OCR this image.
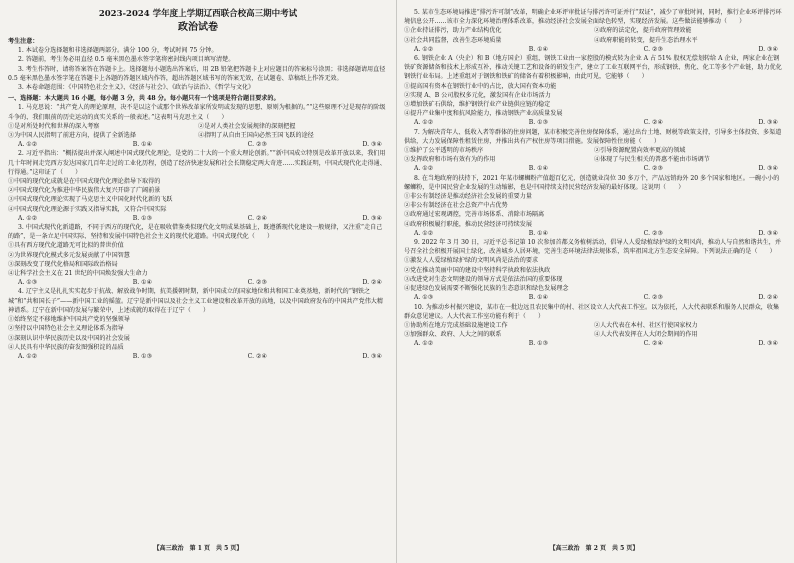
2023-2024 学年度上学期辽西联合校高三期中考试
政治试卷
考生注意：
1. 本试卷分选择题和非选择题两部分。满分 100 分，考试时间 75 分钟。
2. 答题前，考生务必用直径 0.5 毫米黑色墨水签字笔将密封线内项目填写清楚。
3. 考生作答时，请将答案答在答题卡上。选择题每小题选出答案后，用 2B 铅笔把答题卡上对应题目的答案标号涂黑；非选择题请用直径 0.5 毫米黑色墨水签字笔在答题卡上各题的答题区域内作答，超出答题区域书写的答案无效，在试题卷、草稿纸上作答无效。
3. 本卷命题范围：《中国特色社会主义》、《经济与社会》、《政治与法治》、《哲学与文化》
一、选择题：本大题共 16 小题，每小题 3 分，共 48 分。每小题只有一个选项是符合题目要求的。
1. 马克思说：“共产党人的理论原理，决不是以这个或那个世界改革家所发明或发现的思想、原则为根据的。”“这些原理不过是现存的阶级斗争的、我们眼前的历史运动的真实关系的一般表述。”这表明马克思主义（　　）
①是对所处时代和世界的深入考察	②是对人类社会发展规律的深刻把握
③为中国人民指明了前进方向，提供了全新选择	④指明了从自由王国向必然王国飞跃的途径
A. ①②	B. ①④	C. ②③	D. ③④
2. 习近平指出：“概括提出并深入阐述中国式现代化理论，是党的二十大的一个重大理论创新。”“新中国成立特别是改革开放以来，我们用几十年时间走完西方发达国家几百年走过的工业化历程，创造了经济快速发展和社会长期稳定两大奇迹……实践证明，中国式现代化走得通、行得通。”这印证了（　　）
①中国的现代化成就是在中国式现代化理论指导下取得的
②中国式现代化为推进中华民族伟大复兴开辟了广阔前景
③中国式现代化理论实现了马克思主义中国化时代化新的飞跃
④中国式现代化理论源于实践又指导实践，又符合中国实际
A. ①②	B. ①③	C. ②④	D. ③④
3. 中国式现代化新道路，不同于西方的现代化，是在吸收借鉴类似现代化文明成果基础上，既遵循现代化建设一般规律，又注重“走自己的路”，是一条立足中国实际、坚持和发展中国特色社会主义的现代化道路。中国式现代化（　　）
①具有西方现代化道路无可比拟的普世价值
②为世界现代化模式多元发展贡献了中国智慧
③深刻改变了现代化格局和国际政治格局
④让科学社会主义在 21 世纪的中国焕发强大生命力
A. ①③	B. ①④	C. ②③	D. ②④
4. 辽宁主义是扎扎实实起步于抗战、解放战争时期，抗美援朝时期，新中国成立的国家地位和共和国工业奠基地，新时代的“钢铁之城”和“共和国长子”——新中国工业的摇篮。辽宁是新中国以及社会主义工业建设和改革开放的高地，以及中国政府发布的中国共产党伟大精神谱系。辽宁在新中国的发展与繁荣中，上述成就的取得在于辽宁（　　）
①始终坚定不移地维护中国共产党的坚强领导
②坚持以中国特色社会主义理论体系为指导
③深刻认识中华民族历史以及中国的社会发展
④人民具有中华民族的奋发图强积淀的品质
A. ①②	B. ①③	C. ②④	D. ③④
【高三政治　第 1 页　共 5 页】
5. 某市生态环境局推进“排污许可制”改革，明确企业环评审批证与排污许可证并行“双证”，减少了审批时间，同时，推行企业环评排污环境信息公开……该市全力深化环境治理体系改革，推动经济社会发展全面绿色转型，实现经济发展。这些做法能够推动（　　）
①企业持证排污，助力产业结构优化	②政府的法定化，提升政府管理效能
③社会共同监督，改善生态环境质量	④政府职能的转变，提升生态治理水平
A. ①②	B. ①④	C. ②③	D. ③④
6. 钢铁企业 A（央企）和 B（地方国企）重组，钢铁工业由一家控股的模式转为企业 A 占 51% 股权无偿划转给 A 企业，两家企业在钢铁矿资源储备和技术上形成互补，推动关键工艺和设备的研发生产，建立了工业互联网平台，形成钢铁、焦化、化工等多个产业链，助力优化钢铁行业布局。上述重组对于钢铁和铁矿的储备有着积极影响，由此可见，它能够（　　）
①提高国有资本在钢铁行业中的占比，放大国有资本功能
②实现 A、B 公司股权多元化，激发国有企业市场活力
③增加铁矿石供给，维护钢铁行业产业链供应链的稳定
④提升产业集中度和抗风险能力，推动钢铁产业高质量发展
A. ①②	B. ①③	C. ②④	D. ③④
7. 为解决青年人、低收入者等群体的住房问题，某市积极完善住房保障体系，通过出台土地、财税等政策支持，引导多主体投资、多渠道供给，大力发展保障性租赁住房，并推出共有产权住房等项目措施。发展保障性住房能（　　）
①维护了公平透明的市场秩序	②引导资源配置向效率更高的领域
③发挥政府和市场有效有为的作用	④体现了与民生相关的普惠不能由市场调节
A. ①②	B. ①④	C. ②③	D. ③④
8. 在当地政府的扶持下，2021 年某市螺蛳粉产值超百亿元，创造就业岗位 30 多万个，产品远销海外 20 多个国家和地区。一碗小小的螺蛳粉，是中国民营企业发展的生动缩影，也是中国持续支持民营经济发展的最好体现。这说明（　　）
①非公有制经济是推动经济社会发展的重要力量
②非公有制经济在社会总资产中占优势
③政府通过宏观调控，完善市场体系、消除市场隔离
④政府积极履行职能，推动民营经济可持续发展
A. ①②	B. ①④	C. ②③	D. ③④
9. 2022 年 3 月 30 日，习近平总书记第 10 次参加首都义务植树活动，倡导人人爱绿植绿护绿的文明风尚，推动人与自然和谐共生，并号召全社会积极开展国土绿化，改善城乡人居环境，完善生态环境法律法规体系，筑牢祖国北方生态安全屏障。下列说法正确的是（　　）
①激发人人爱绿植绿护绿的文明风尚是法治的要求
②党在推动美丽中国的建设中坚持科学执政和依法执政
③改进党对生态文明建设的领导方式是依法治国的重要体现
④促进绿色发展需要不断强化民族的生态意识和绿色发展理念
A. ①③	B. ①④	C. ②③	D. ②④
10. 为推动乡村振兴建设，某市在一批边远且农民集中的村、社区设立人大代表工作室。以为依托，人大代表联系和服务人民群众，收集群众意见建议。人大代表工作室功能有利于（　　）
①协助所在地方完成基础设施建设工作	②人大代表在本村、社区行使国家权力
③加强群众、政府、人大之间的联系	④人大代表发挥在人大闭会期间的作用
A. ①②	B. ①③	C. ②④	D. ③④
【高三政治　第 2 页　共 5 页】
